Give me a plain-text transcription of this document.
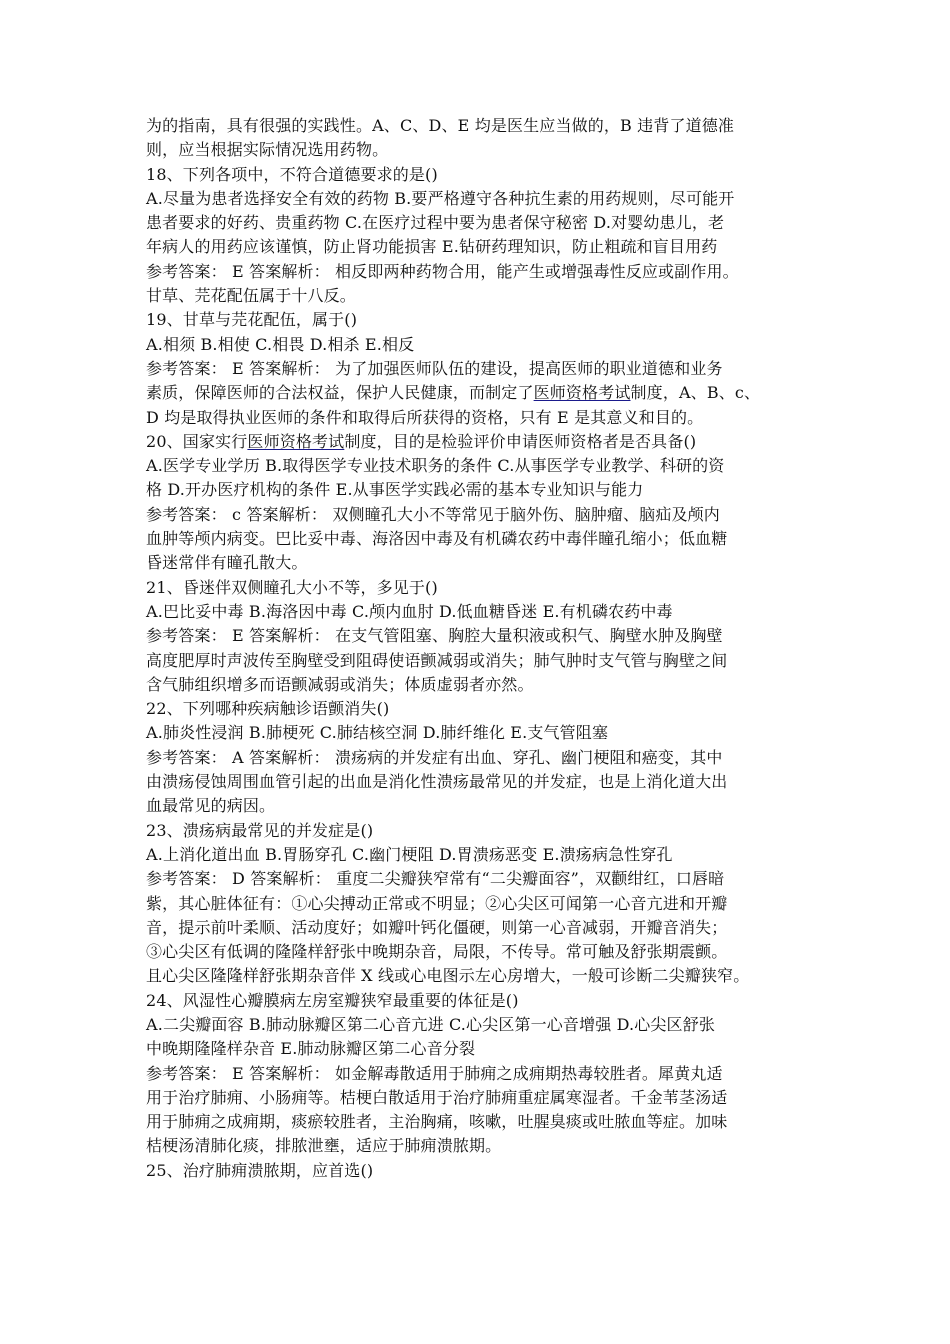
为的指南，具有很强的实践性。A、C、D、E 均是医生应当做的，B 违背了道德准
则，应当根据实际情况选用药物。
18、下列各项中，不符合道德要求的是()
A.尽量为患者选择安全有效的药物 B.要严格遵守各种抗生素的用药规则，尽可能开
患者要求的好药、贵重药物 C.在医疗过程中要为患者保守秘密 D.对婴幼患儿，老
年病人的用药应该谨慎，防止肾功能损害 E.钻研药理知识，防止粗疏和盲目用药
参考答案： E 答案解析： 相反即两种药物合用，能产生或增强毒性反应或副作用。
甘草、芫花配伍属于十八反。
19、甘草与芫花配伍，属于()
A.相须 B.相使 C.相畏 D.相杀 E.相反
参考答案： E 答案解析： 为了加强医师队伍的建设，提高医师的职业道德和业务
素质，保障医师的合法权益，保护人民健康，而制定了医师资格考试制度，A、B、c、
D 均是取得执业医师的条件和取得后所获得的资格，只有 E 是其意义和目的。
20、国家实行医师资格考试制度，目的是检验评价申请医师资格者是否具备()
A.医学专业学历 B.取得医学专业技术职务的条件 C.从事医学专业教学、科研的资
格 D.开办医疗机构的条件 E.从事医学实践必需的基本专业知识与能力
参考答案： c 答案解析： 双侧瞳孔大小不等常见于脑外伤、脑肿瘤、脑疝及颅内
血肿等颅内病变。巴比妥中毒、海洛因中毒及有机磷农药中毒伴瞳孔缩小；低血糖
昏迷常伴有瞳孔散大。
21、昏迷伴双侧瞳孔大小不等，多见于()
A.巴比妥中毒 B.海洛因中毒 C.颅内血肘 D.低血糖昏迷 E.有机磷农药中毒
参考答案： E 答案解析： 在支气管阻塞、胸腔大量积液或积气、胸壁水肿及胸壁
高度肥厚时声波传至胸壁受到阻碍使语颤减弱或消失；肺气肿时支气管与胸壁之间
含气肺组织增多而语颤减弱或消失；体质虚弱者亦然。
22、下列哪种疾病触诊语颤消失()
A.肺炎性浸润 B.肺梗死 C.肺结核空洞 D.肺纤维化 E.支气管阻塞
参考答案： A 答案解析： 溃疡病的并发症有出血、穿孔、幽门梗阻和癌变，其中
由溃疡侵蚀周围血管引起的出血是消化性溃疡最常见的并发症，也是上消化道大出
血最常见的病因。
23、溃疡病最常见的并发症是()
A.上消化道出血 B.胃肠穿孔 C.幽门梗阻 D.胃溃疡恶变 E.溃疡病急性穿孔
参考答案： D 答案解析： 重度二尖瓣狭窄常有“二尖瓣面容”，双颧绀红，口唇暗
紫，其心脏体征有：①心尖搏动正常或不明显；②心尖区可闻第一心音亢进和开瓣
音，提示前叶柔顺、活动度好；如瓣叶钙化僵硬，则第一心音减弱，开瓣音消失；
③心尖区有低调的隆隆样舒张中晚期杂音，局限，不传导。常可触及舒张期震颤。
且心尖区隆隆样舒张期杂音伴 X 线或心电图示左心房增大，一般可诊断二尖瓣狭窄。
24、风湿性心瓣膜病左房室瓣狭窄最重要的体征是()
A.二尖瓣面容 B.肺动脉瓣区第二心音亢进 C.心尖区第一心音增强 D.心尖区舒张
中晚期隆隆样杂音 E.肺动脉瓣区第二心音分裂
参考答案： E 答案解析： 如金解毒散适用于肺痈之成痈期热毒较胜者。犀黄丸适
用于治疗肺痈、小肠痈等。桔梗白散适用于治疗肺痈重症属寒湿者。千金苇茎汤适
用于肺痈之成痈期，痰瘀较胜者，主治胸痛，咳嗽，吐腥臭痰或吐脓血等症。加味
桔梗汤清肺化痰，排脓泄壅，适应于肺痈溃脓期。
25、治疗肺痈溃脓期，应首选()
